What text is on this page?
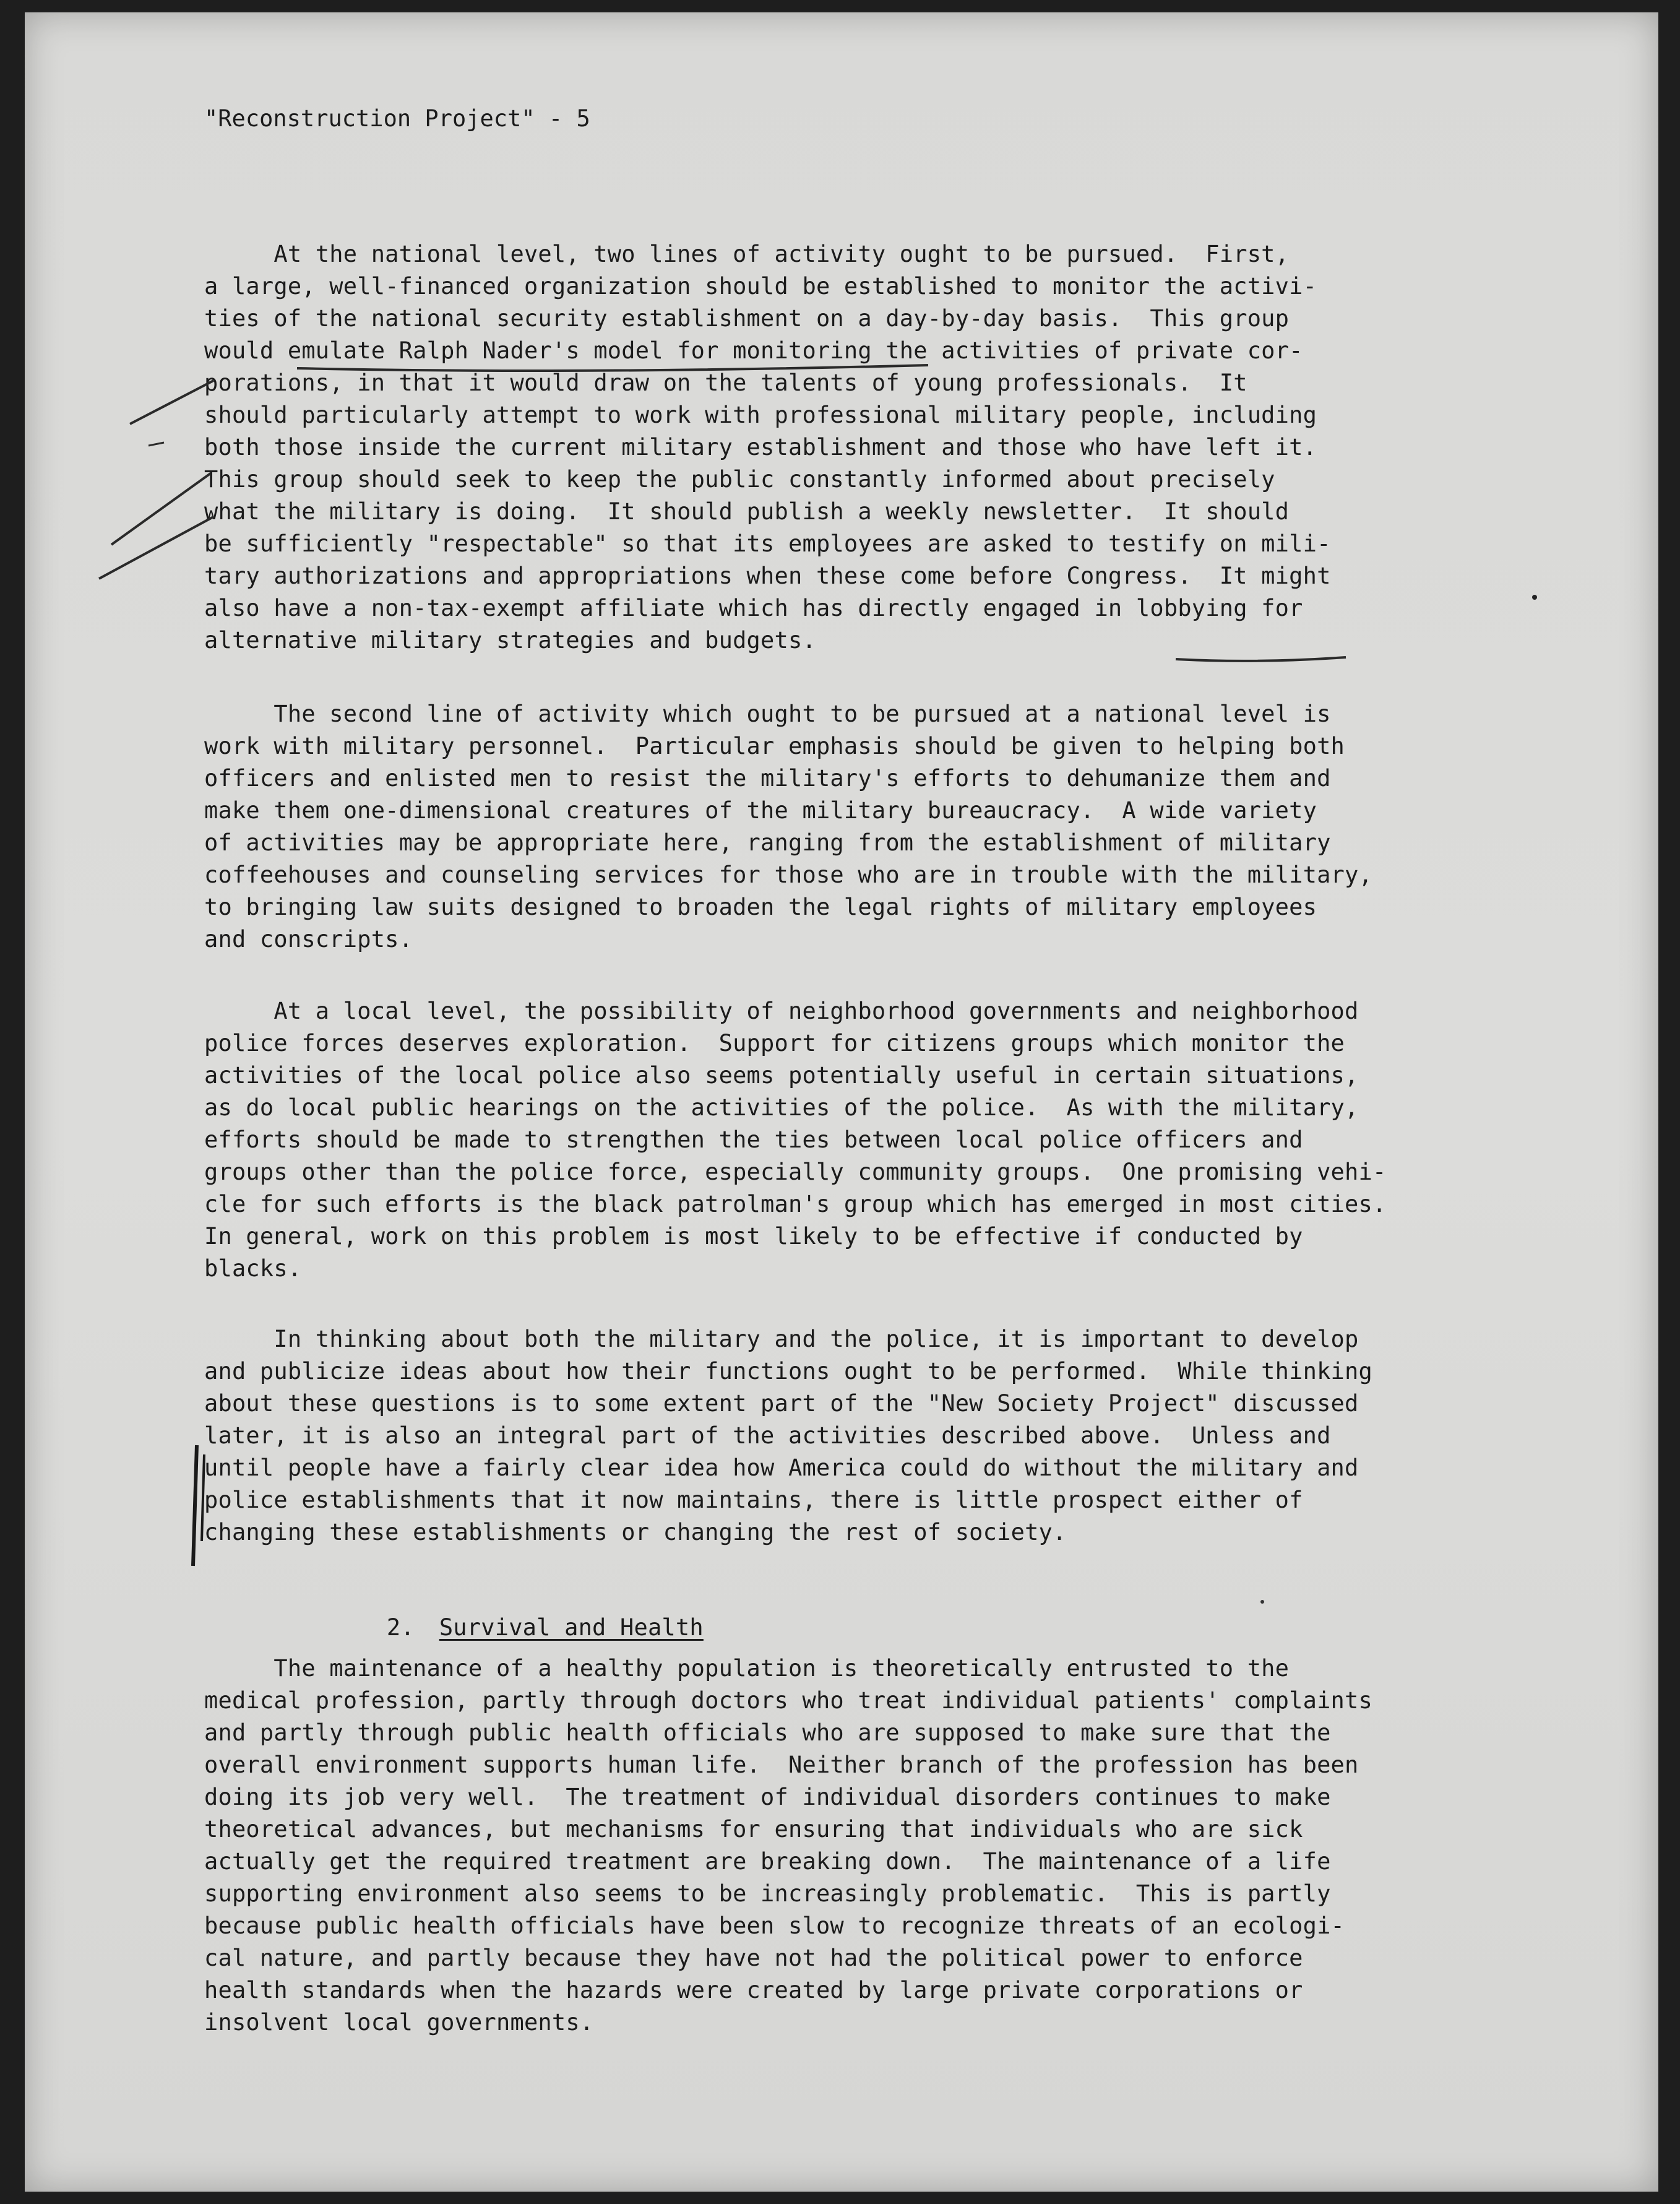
"Reconstruction Project" - 5
At the national level, two lines of activity ought to be pursued.  First,
a large, well-financed organization should be established to monitor the activi-
ties of the national security establishment on a day-by-day basis.  This group
would emulate Ralph Nader's model for monitoring the activities of private cor-
porations, in that it would draw on the talents of young professionals.  It
should particularly attempt to work with professional military people, including
both those inside the current military establishment and those who have left it.
This group should seek to keep the public constantly informed about precisely
what the military is doing.  It should publish a weekly newsletter.  It should
be sufficiently "respectable" so that its employees are asked to testify on mili-
tary authorizations and appropriations when these come before Congress.  It might
also have a non-tax-exempt affiliate which has directly engaged in lobbying for
alternative military strategies and budgets.
The second line of activity which ought to be pursued at a national level is
work with military personnel.  Particular emphasis should be given to helping both
officers and enlisted men to resist the military's efforts to dehumanize them and
make them one-dimensional creatures of the military bureaucracy.  A wide variety
of activities may be appropriate here, ranging from the establishment of military
coffeehouses and counseling services for those who are in trouble with the military,
to bringing law suits designed to broaden the legal rights of military employees
and conscripts.
At a local level, the possibility of neighborhood governments and neighborhood
police forces deserves exploration.  Support for citizens groups which monitor the
activities of the local police also seems potentially useful in certain situations,
as do local public hearings on the activities of the police.  As with the military,
efforts should be made to strengthen the ties between local police officers and
groups other than the police force, especially community groups.  One promising vehi-
cle for such efforts is the black patrolman's group which has emerged in most cities.
In general, work on this problem is most likely to be effective if conducted by
blacks.
In thinking about both the military and the police, it is important to develop
and publicize ideas about how their functions ought to be performed.  While thinking
about these questions is to some extent part of the "New Society Project" discussed
later, it is also an integral part of the activities described above.  Unless and
until people have a fairly clear idea how America could do without the military and
police establishments that it now maintains, there is little prospect either of
changing these establishments or changing the rest of society.

2. Survival and Health

The maintenance of a healthy population is theoretically entrusted to the
medical profession, partly through doctors who treat individual patients' complaints
and partly through public health officials who are supposed to make sure that the
overall environment supports human life.  Neither branch of the profession has been
doing its job very well.  The treatment of individual disorders continues to make
theoretical advances, but mechanisms for ensuring that individuals who are sick
actually get the required treatment are breaking down.  The maintenance of a life
supporting environment also seems to be increasingly problematic.  This is partly
because public health officials have been slow to recognize threats of an ecologi-
cal nature, and partly because they have not had the political power to enforce
health standards when the hazards were created by large private corporations or
insolvent local governments.
